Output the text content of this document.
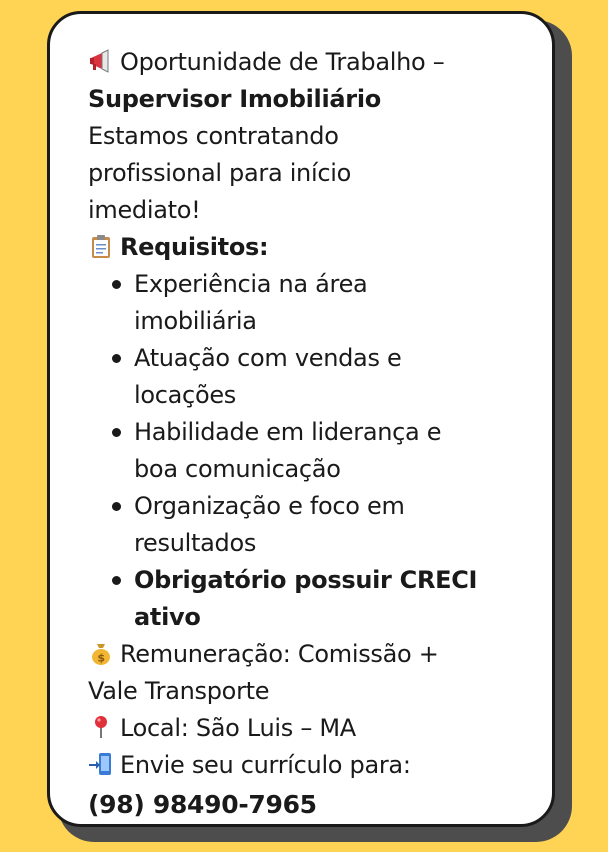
Oportunidade de Trabalho –
Supervisor Imobiliário
Estamos contratando
profissional para início
imediato!
Requisitos:
Experiência na área
imobiliária
Atuação com vendas e
locações
Habilidade em liderança e
boa comunicação
Organização e foco em
resultados
Obrigatório possuir CRECI
ativo
$ Remuneração: Comissão +
Vale Transporte
Local: São Luis – MA
Envie seu currículo para:
(98) 98490-7965
